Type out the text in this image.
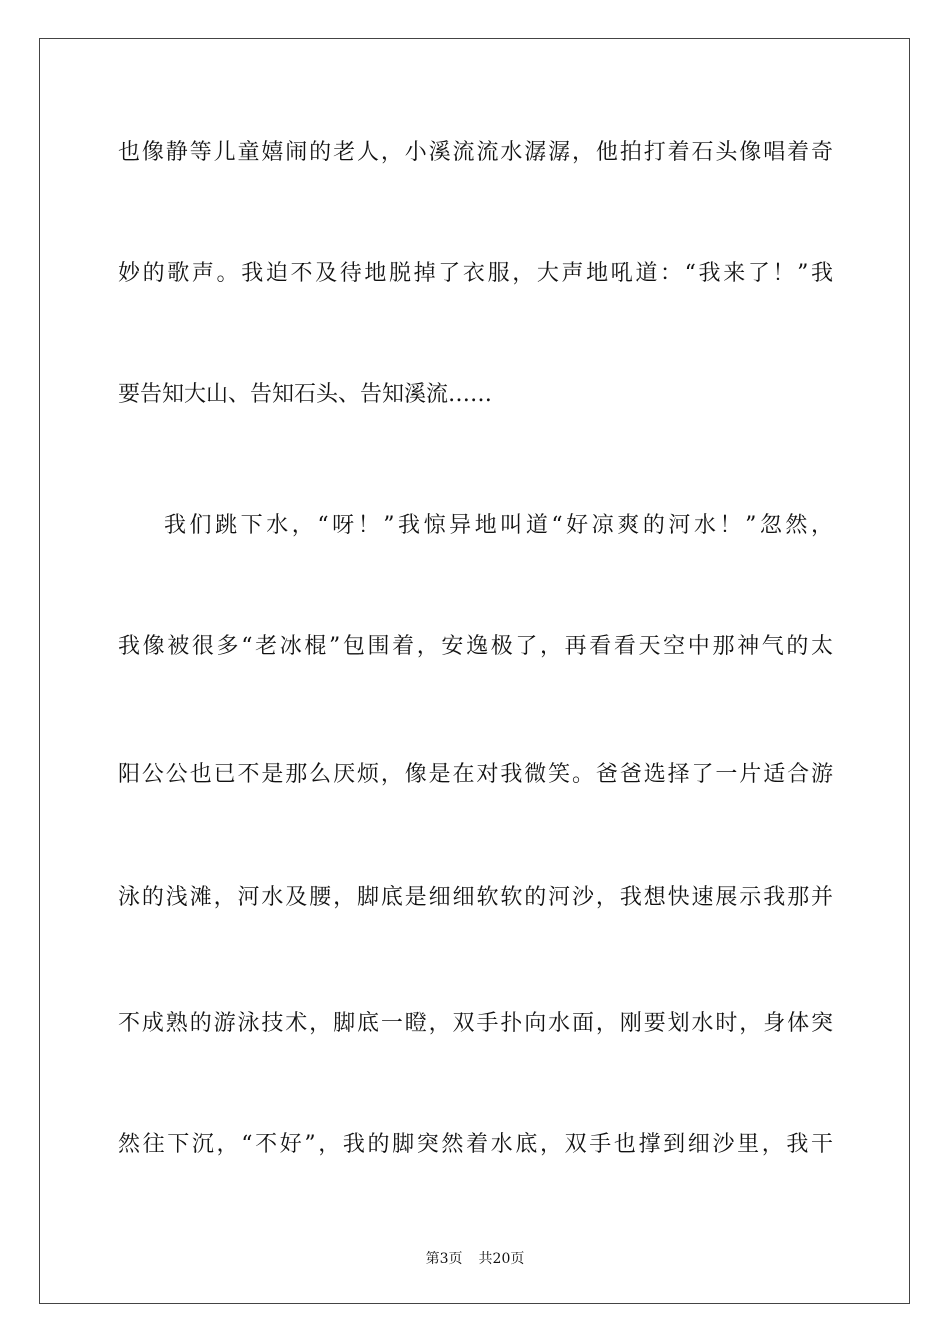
也像静等儿童嬉闹的老人，小溪流流水潺潺，他拍打着石头像唱着奇
妙的歌声。我迫不及待地脱掉了衣服，大声地吼道：“我来了！”我
要告知大山、告知石头、告知溪流……
我们跳下水，“呀！”我惊异地叫道“好凉爽的河水！”忽然，
我像被很多“老冰棍”包围着，安逸极了，再看看天空中那神气的太
阳公公也已不是那么厌烦，像是在对我微笑。爸爸选择了一片适合游
泳的浅滩，河水及腰，脚底是细细软软的河沙，我想快速展示我那并
不成熟的游泳技术，脚底一瞪，双手扑向水面，刚要划水时，身体突
然往下沉，“不好”，我的脚突然着水底，双手也撑到细沙里，我干
第3页 共20页
